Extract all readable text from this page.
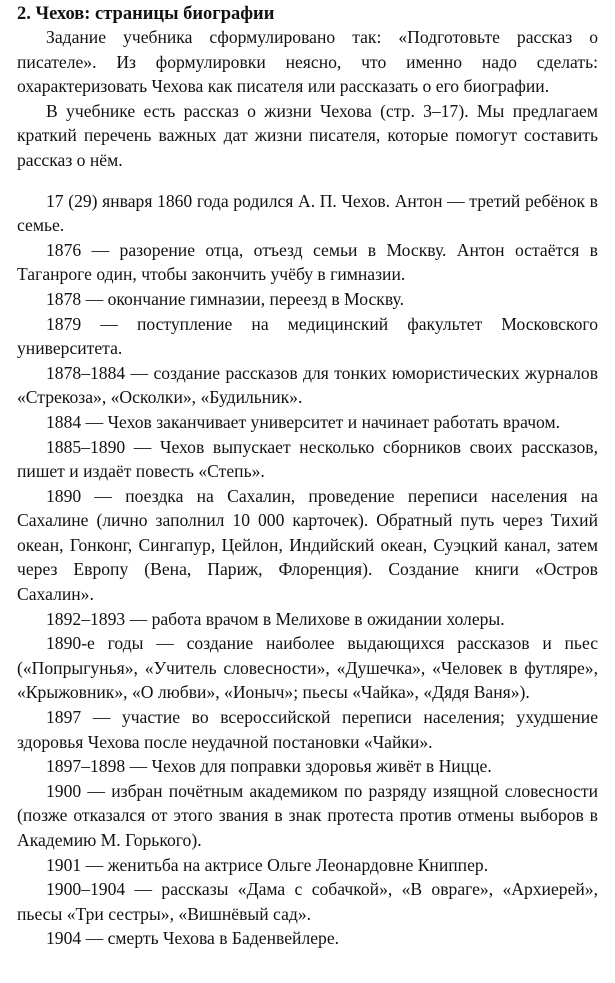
2. Чехов: страницы биографии

Задание учебника сформулировано так: «Подготовьте рассказ о писателе». Из формулировки неясно, что именно надо сделать: охарактеризовать Чехова как писателя или рассказать о его биографии.

В учебнике есть рассказ о жизни Чехова (стр. 3–17). Мы предлагаем краткий перечень важных дат жизни писателя, которые помогут составить рассказ о нём.

17 (29) января 1860 года родился А. П. Чехов. Антон — третий ребёнок в семье.

1876 — разорение отца, отъезд семьи в Москву. Антон остаётся в Таганроге один, чтобы закончить учёбу в гимназии.

1878 — окончание гимназии, переезд в Москву.

1879 — поступление на медицинский факультет Московского университета.

1878–1884 — создание рассказов для тонких юмористических журналов «Стрекоза», «Осколки», «Будильник».

1884 — Чехов заканчивает университет и начинает работать врачом.

1885–1890 — Чехов выпускает несколько сборников своих рассказов, пишет и издаёт повесть «Степь».

1890 — поездка на Сахалин, проведение переписи населения на Сахалине (лично заполнил 10 000 карточек). Обратный путь через Тихий океан, Гонконг, Сингапур, Цейлон, Индийский океан, Суэцкий канал, затем через Европу (Вена, Париж, Флоренция). Создание книги «Остров Сахалин».

1892–1893 — работа врачом в Мелихове в ожидании холеры.

1890-е годы — создание наиболее выдающихся рассказов и пьес («Попрыгунья», «Учитель словесности», «Душечка», «Человек в футляре», «Крыжовник», «О любви», «Ионыч»; пьесы «Чайка», «Дядя Ваня»).

1897 — участие во всероссийской переписи населения; ухудшение здоровья Чехова после неудачной постановки «Чайки».

1897–1898 — Чехов для поправки здоровья живёт в Ницце.

1900 — избран почётным академиком по разряду изящной словесности (позже отказался от этого звания в знак протеста против отмены выборов в Академию М. Горького).

1901 — женитьба на актрисе Ольге Леонардовне Книппер.

1900–1904 — рассказы «Дама с собачкой», «В овраге», «Архиерей», пьесы «Три сестры», «Вишнёвый сад».

1904 — смерть Чехова в Баденвейлере.
